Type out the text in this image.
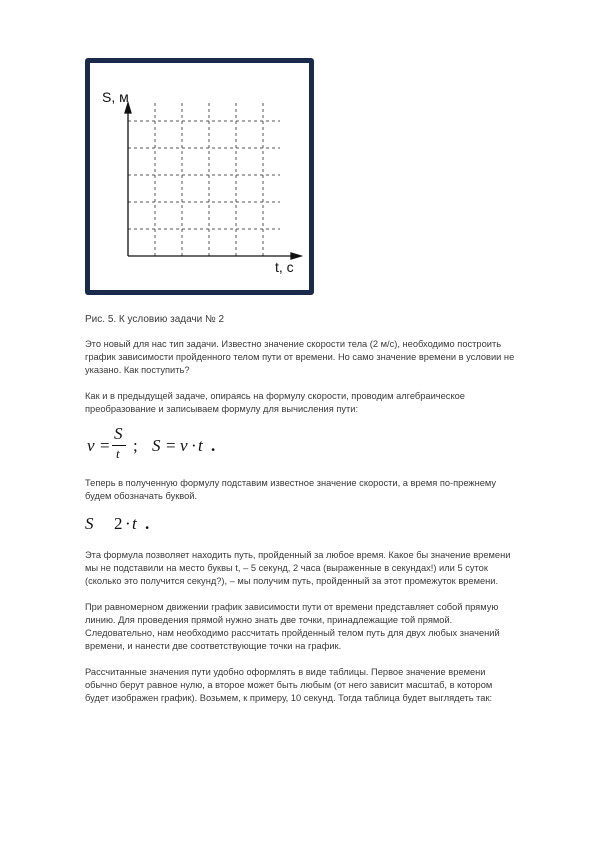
S, м
t, с
Рис. 5. К условию задачи № 2
Это новый для нас тип задачи. Известно значение скорости тела (2 м/с), необходимо построить
график зависимости пройденного телом пути от времени. Но само значение времени в условии не
указано. Как поступить?
Как и в предыдущей задаче, опираясь на формулу скорости, проводим алгебраическое
преобразование и записываем формулу для вычисления пути:
v =
S
t ; S = v · t .
Теперь в полученную формулу подставим известное значение скорости, а время по-прежнему
будем обозначать буквой.
S 2 · t .
Эта формула позволяет находить путь, пройденный за любое время. Какое бы значение времени
мы не подставили на место буквы t, – 5 секунд, 2 часа (выраженные в секундах!) или 5 суток
(сколько это получится секунд?), – мы получим путь, пройденный за этот промежуток времени.
При равномерном движении график зависимости пути от времени представляет собой прямую
линию. Для проведения прямой нужно знать две точки, принадлежащие той прямой.
Следовательно, нам необходимо рассчитать пройденный телом путь для двух любых значений
времени, и нанести две соответствующие точки на график.
Рассчитанные значения пути удобно оформлять в виде таблицы. Первое значение времени
обычно берут равное нулю, а второе может быть любым (от него зависит масштаб, в котором
будет изображен график). Возьмем, к примеру, 10 секунд. Тогда таблица будет выглядеть так:
